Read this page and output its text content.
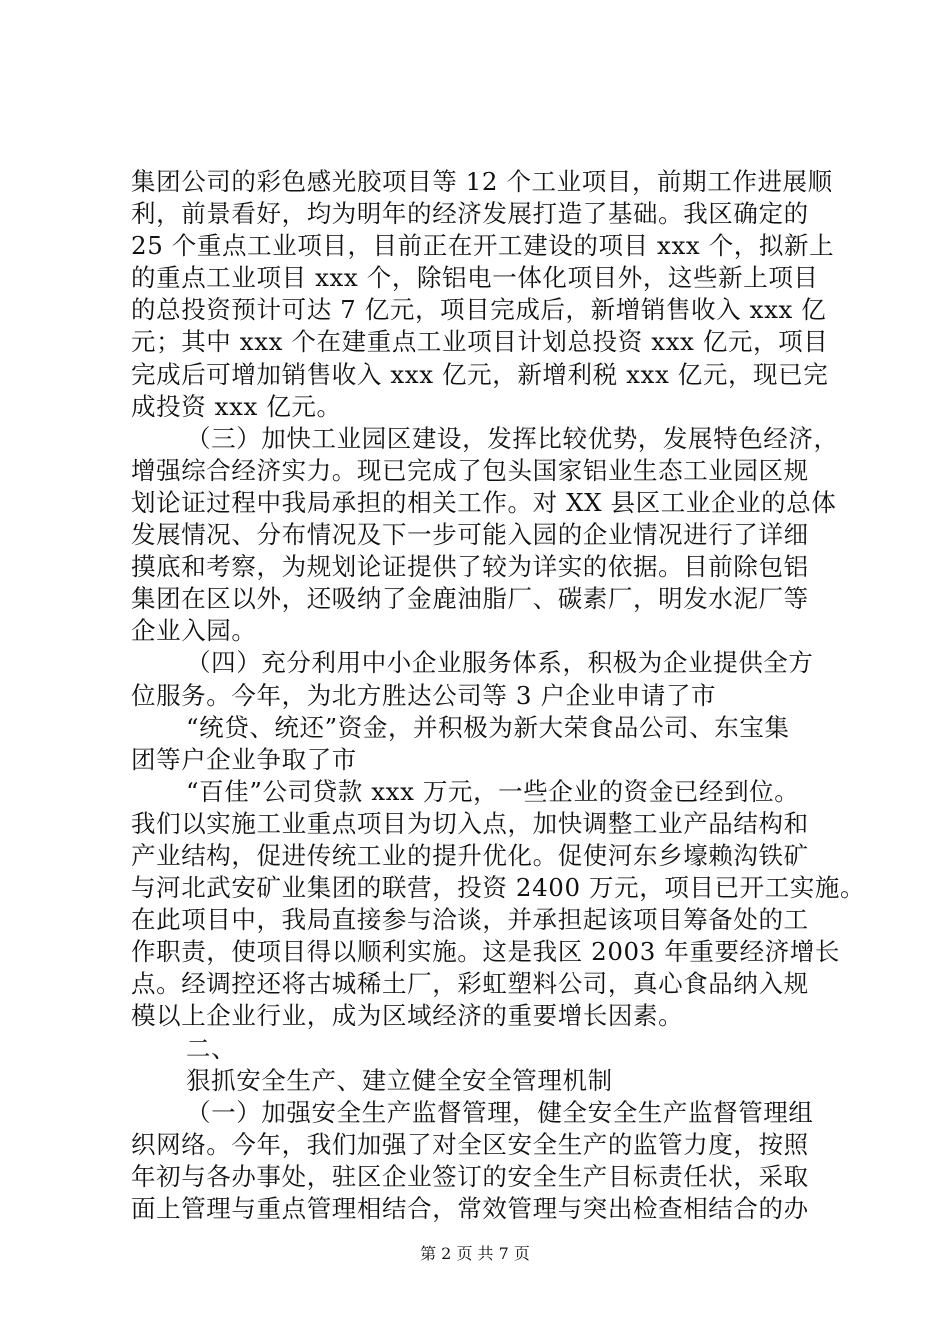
集团公司的彩色感光胶项目等 12 个工业项目，前期工作进展顺
利，前景看好，均为明年的经济发展打造了基础。我区确定的
25 个重点工业项目，目前正在开工建设的项目 xxx 个，拟新上
的重点工业项目 xxx 个，除铝电一体化项目外，这些新上项目
的总投资预计可达 7 亿元，项目完成后，新增销售收入 xxx 亿
元；其中 xxx 个在建重点工业项目计划总投资 xxx 亿元，项目
完成后可增加销售收入 xxx 亿元，新增利税 xxx 亿元，现已完
成投资 xxx 亿元。
（三）加快工业园区建设，发挥比较优势，发展特色经济，
增强综合经济实力。现已完成了包头国家铝业生态工业园区规
划论证过程中我局承担的相关工作。对 XX 县区工业企业的总体
发展情况、分布情况及下一步可能入园的企业情况进行了详细
摸底和考察，为规划论证提供了较为详实的依据。目前除包铝
集团在区以外，还吸纳了金鹿油脂厂、碳素厂，明发水泥厂等
企业入园。
（四）充分利用中小企业服务体系，积极为企业提供全方
位服务。今年，为北方胜达公司等 3 户企业申请了市
“统贷、统还”资金，并积极为新大荣食品公司、东宝集
团等户企业争取了市
“百佳”公司贷款 xxx 万元，一些企业的资金已经到位。
我们以实施工业重点项目为切入点，加快调整工业产品结构和
产业结构，促进传统工业的提升优化。促使河东乡壕赖沟铁矿
与河北武安矿业集团的联营，投资 2400 万元，项目已开工实施。
在此项目中，我局直接参与洽谈，并承担起该项目筹备处的工
作职责，使项目得以顺利实施。这是我区 2003 年重要经济增长
点。经调控还将古城稀土厂，彩虹塑料公司，真心食品纳入规
模以上企业行业，成为区域经济的重要增长因素。
二、
狠抓安全生产、建立健全安全管理机制
（一）加强安全生产监督管理，健全安全生产监督管理组
织网络。今年，我们加强了对全区安全生产的监管力度，按照
年初与各办事处，驻区企业签订的安全生产目标责任状，采取
面上管理与重点管理相结合，常效管理与突出检查相结合的办
第 2 页 共 7 页
